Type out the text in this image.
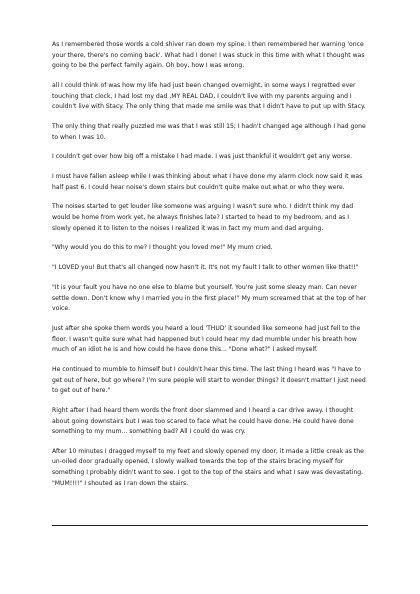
As I remembered those words a cold shiver ran down my spine. I then remembered her warning 'once your there, there's no coming back'. What had I done! I was stuck in this time with what I thought was going to be the perfect family again. Oh boy, how I was wrong.

all I could think of was how my life had just been changed overnight, in some ways I regretted ever touching that clock, I had lost my dad ,MY REAL DAD, I couldn't live with my parents arguing and I couldn't live with Stacy. The only thing that made me smile was that I didn't have to put up with Stacy.

The only thing that really puzzled me was that I was still 15; I hadn't changed age although I had gone to when I was 10.

I couldn't get over how big off a mistake I had made. I was just thankful it wouldn't get any worse.

I must have fallen asleep while I was thinking about what I have done my alarm clock now said it was half past 6. I could hear noise's down stairs but couldn't quite make out what or who they were.

The noises started to get louder like someone was arguing I wasn't sure who. I didn't think my dad would be home from work yet, he always finishes late? I started to head to my bedroom, and as I slowly opened it to listen to the noises I realized it was in fact my mum and dad arguing.

"Why would you do this to me? I thought you loved me!" My mum cried.

"I LOVED you! But that's all changed now hasn't it. It's not my fault I talk to other women like that!!"

"It is your fault you have no one else to blame but yourself. You're just some sleazy man. Can never settle down. Don't know why I married you in the first place!" My mum screamed that at the top of her voice.

Just after she spoke them words you heard a loud 'THUD' it sounded like someone had just fell to the floor. I wasn't quite sure what had happened but I could hear my dad mumble under his breath how much of an idiot he is and how could he have done this... "Done what?" I asked myself.

He continued to mumble to himself but I couldn't hear this time. The last thing I heard was "I have to get out of here, but go where? I'm sure people will start to wonder things? it doesn't matter I just need to get out of here."

Right after I had heard them words the front door slammed and I heard a car drive away. I thought about going downstairs but I was too scared to face what he could have done. He could have done something to my mum... something bad? All I could do was cry.

After 10 minutes I dragged myself to my feet and slowly opened my door, it made a little creak as the un-oiled door gradually opened, I slowly walked towards the top of the stairs bracing myself for something I probably didn't want to see. I got to the top of the stairs and what I saw was devastating. "MUM!!!!" I shouted as I ran down the stairs.
